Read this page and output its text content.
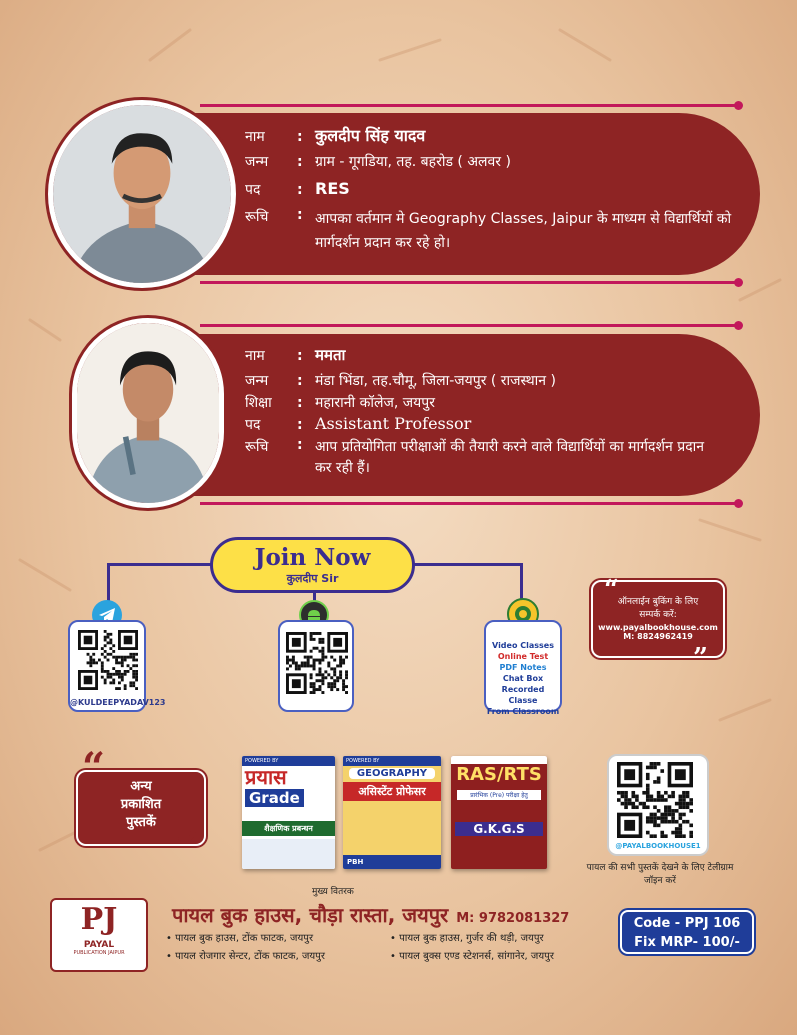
नाम : कुलदीप सिंह यादव
जन्म : ग्राम - गूगडिया, तह. बहरोड ( अलवर )
पद	: RES
रूचि : आपका वर्तमान मे Geography Classes, Jaipur के माध्यम से विद्यार्थियों को मार्गदर्शन प्रदान कर रहे हो।
नाम : ममता
जन्म : मंडा भिंडा, तह.चौमू, जिला-जयपुर ( राजस्थान )
शिक्षा : महारानी कॉलेज, जयपुर
पद	: Assistant Professor
रूचि : आप प्रतियोगिता परीक्षाओं की तैयारी करने वाले विद्यार्थियों का मार्गदर्शन प्रदान कर रही हैं।
Join Now
कुलदीप Sir
@KULDEEPYADAV123
Video Classes
Online Test
PDF Notes
Chat Box
Recorded Classe
From Classroom
ऑनलाईन बुकिंग के लिए
सम्पर्क करें:
www.payalbookhouse.com
M: 8824962419
“
”
अन्य
प्रकाशित
पुस्तकें
“
”
POWERED BY
प्रयास
Grade
शैक्षणिक प्रबन्धन
POWERED BY
GEOGRAPHY
असिस्टेंट प्रोफेसर
PBH
RAS/RTS
प्रारंभिक (Pre) परीक्षा हेतु
G.K.G.S
@PAYALBOOKHOUSE1
पायल की सभी पुस्तकें देखने के लिए टेलीग्राम
जॉइन करें
मुख्य वितरक
PJ
PAYAL
PUBLICATION JAIPUR
पायल बुक हाउस, चौड़ा रास्ता, जयपुर M: 9782081327
• पायल बुक हाउस, टोंक फाटक, जयपुर	• पायल बुक हाउस, गुर्जर की थड़ी, जयपुर
• पायल रोजगार सेन्टर, टोंक फाटक, जयपुर	• पायल बुक्स एण्ड स्टेशनर्स, सांगानेर, जयपुर
Code - PPJ 106
Fix MRP- 100/-
